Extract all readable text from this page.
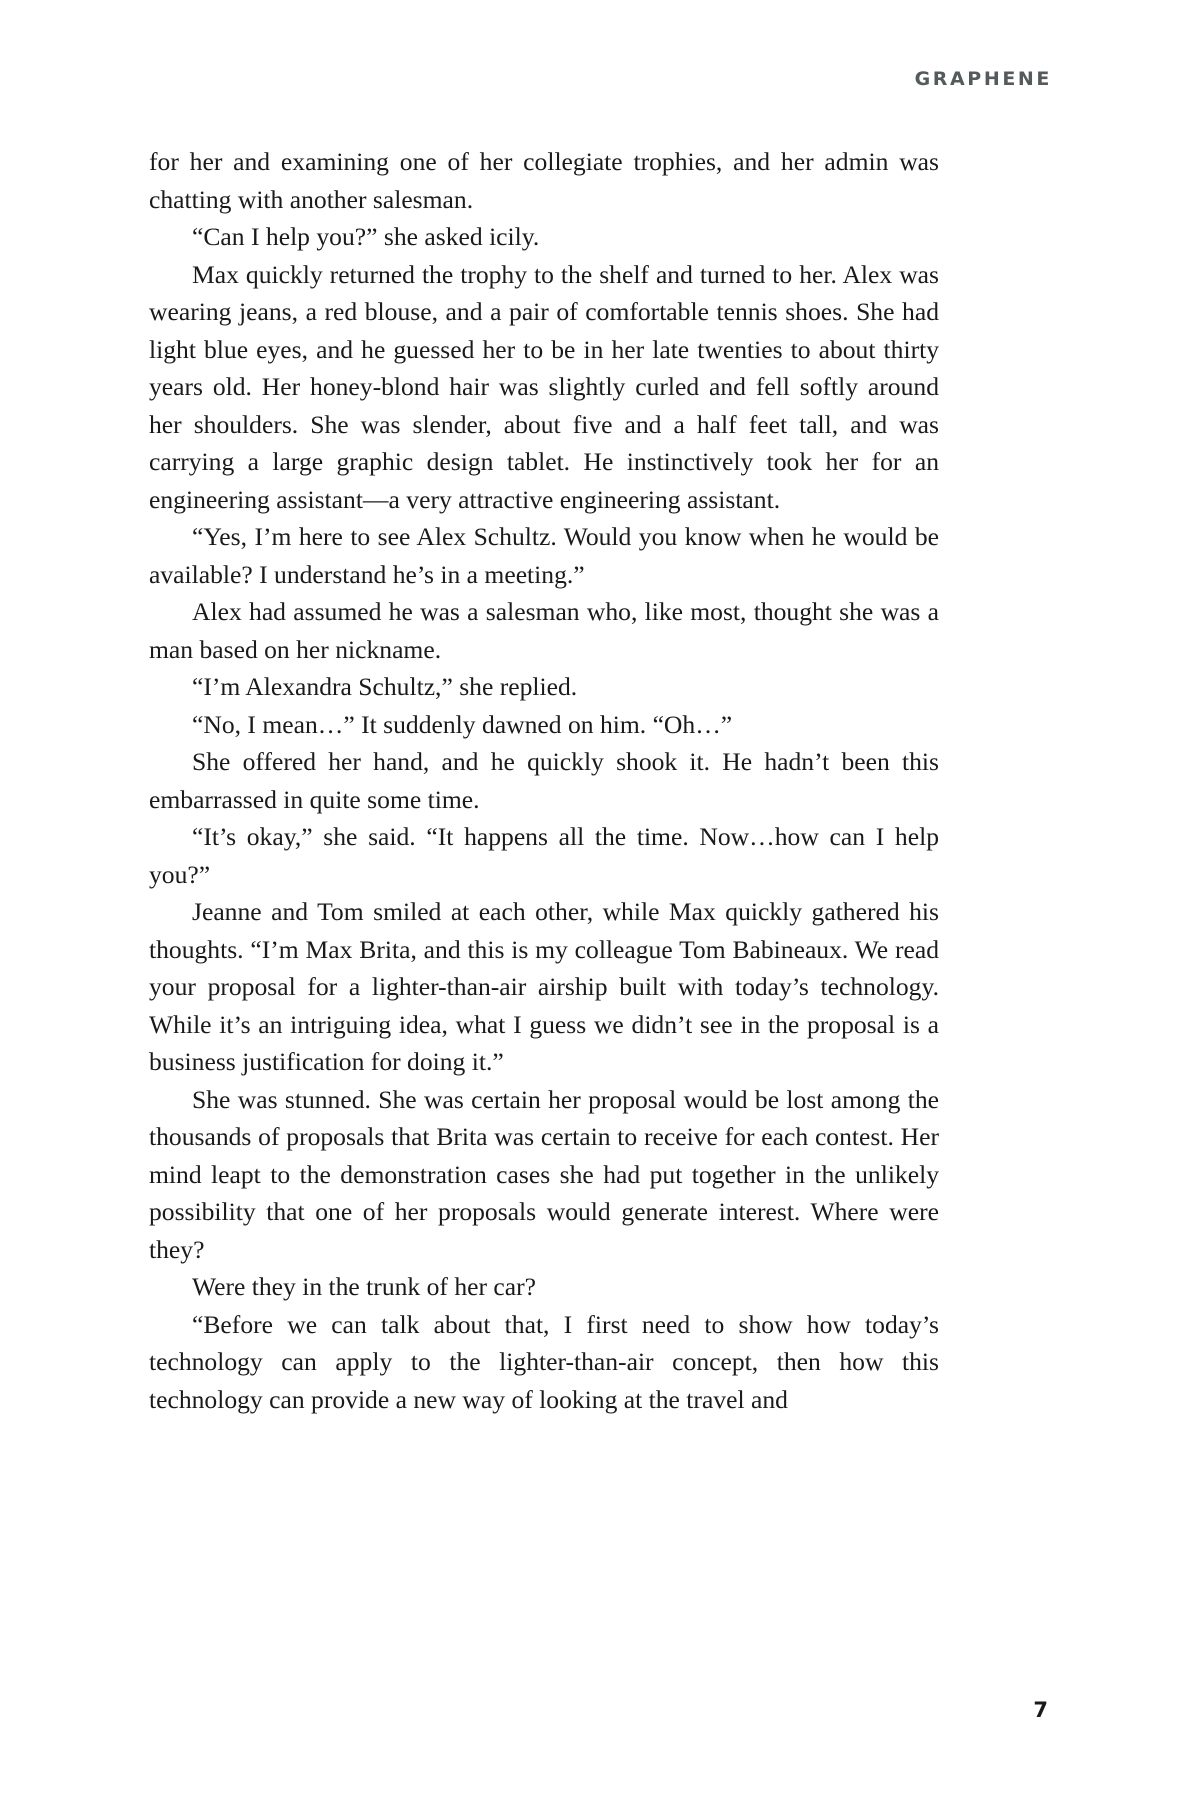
GRAPHENE

for her and examining one of her collegiate trophies, and her admin was chatting with another salesman.

“Can I help you?” she asked icily.

Max quickly returned the trophy to the shelf and turned to her. Alex was wearing jeans, a red blouse, and a pair of comfortable tennis shoes. She had light blue eyes, and he guessed her to be in her late twenties to about thirty years old. Her honey-blond hair was slightly curled and fell softly around her shoulders. She was slender, about five and a half feet tall, and was carrying a large graphic design tablet. He instinctively took her for an engineering assistant—a very attractive engineering assistant.

“Yes, I’m here to see Alex Schultz. Would you know when he would be available? I understand he’s in a meeting.”

Alex had assumed he was a salesman who, like most, thought she was a man based on her nickname.

“I’m Alexandra Schultz,” she replied.

“No, I mean…” It suddenly dawned on him. “Oh…”

She offered her hand, and he quickly shook it. He hadn’t been this embarrassed in quite some time.

“It’s okay,” she said. “It happens all the time. Now…how can I help you?”

Jeanne and Tom smiled at each other, while Max quickly gathered his thoughts. “I’m Max Brita, and this is my colleague Tom Babineaux. We read your proposal for a lighter-than-air airship built with today’s technology. While it’s an intriguing idea, what I guess we didn’t see in the proposal is a business justification for doing it.”

She was stunned. She was certain her proposal would be lost among the thousands of proposals that Brita was certain to receive for each contest. Her mind leapt to the demonstration cases she had put together in the unlikely possibility that one of her proposals would generate interest. Where were they?

Were they in the trunk of her car?

“Before we can talk about that, I first need to show how today’s technology can apply to the lighter-than-air concept, then how this technology can provide a new way of looking at the travel and

7
